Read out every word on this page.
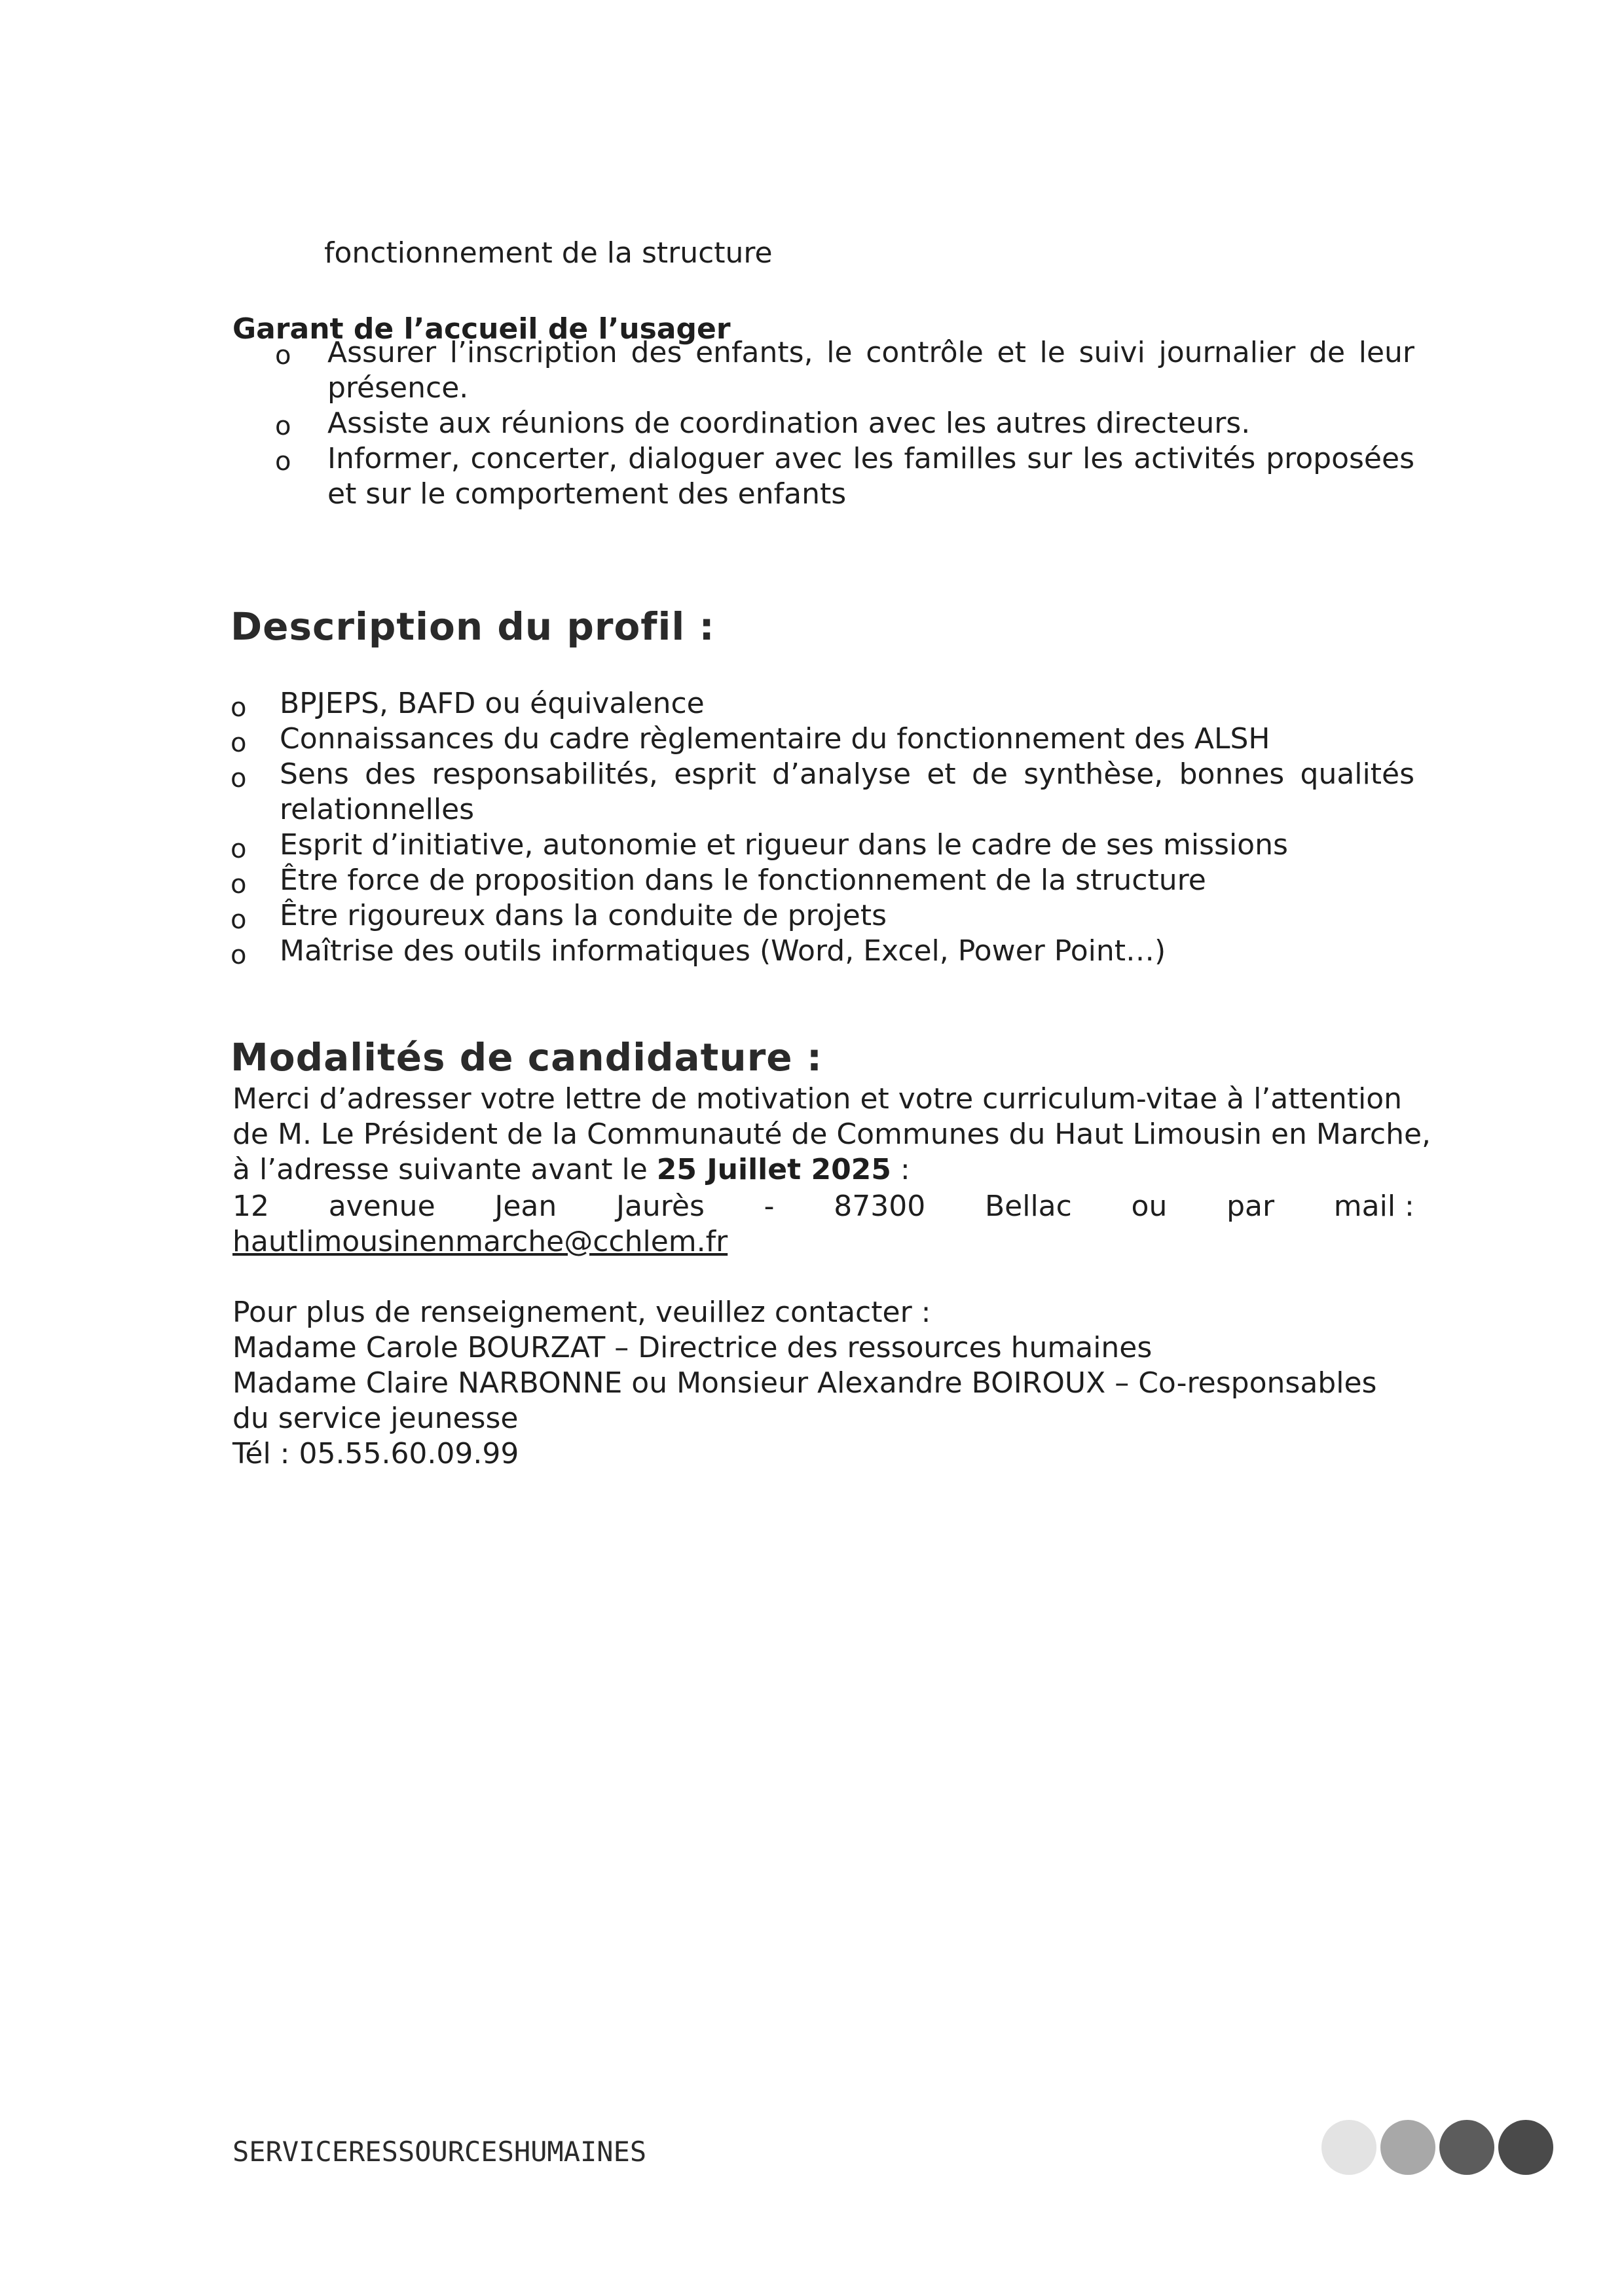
fonctionnement de la structure
Garant de l’accueil de l’usager
o Assurer l’inscription des enfants, le contrôle et le suivi journalier de leur présence.
o Assiste aux réunions de coordination avec les autres directeurs.
o Informer, concerter, dialoguer avec les familles sur les activités proposées et sur le comportement des enfants
Description du profil :
o BPJEPS, BAFD ou équivalence
o Connaissances du cadre règlementaire du fonctionnement des ALSH
o Sens des responsabilités, esprit d’analyse et de synthèse, bonnes qualités relationnelles
o Esprit d’initiative, autonomie et rigueur dans le cadre de ses missions
o Être force de proposition dans le fonctionnement de la structure
o Être rigoureux dans la conduite de projets
o Maîtrise des outils informatiques (Word, Excel, Power Point…)
Modalités de candidature :
Merci d’adresser votre lettre de motivation et votre curriculum-vitae à l’attention
de M. Le Président de la Communauté de Communes du Haut Limousin en Marche,
à l’adresse suivante avant le 25 Juillet 2025 :
12 avenue Jean Jaurès - 87300 Bellac ou par mail :
hautlimousinenmarche@cchlem.fr
Pour plus de renseignement, veuillez contacter :
Madame Carole BOURZAT – Directrice des ressources humaines
Madame Claire NARBONNE ou Monsieur Alexandre BOIROUX – Co-responsables
du service jeunesse
Tél : 05.55.60.09.99
SERVICERESSOURCESHUMAINES
